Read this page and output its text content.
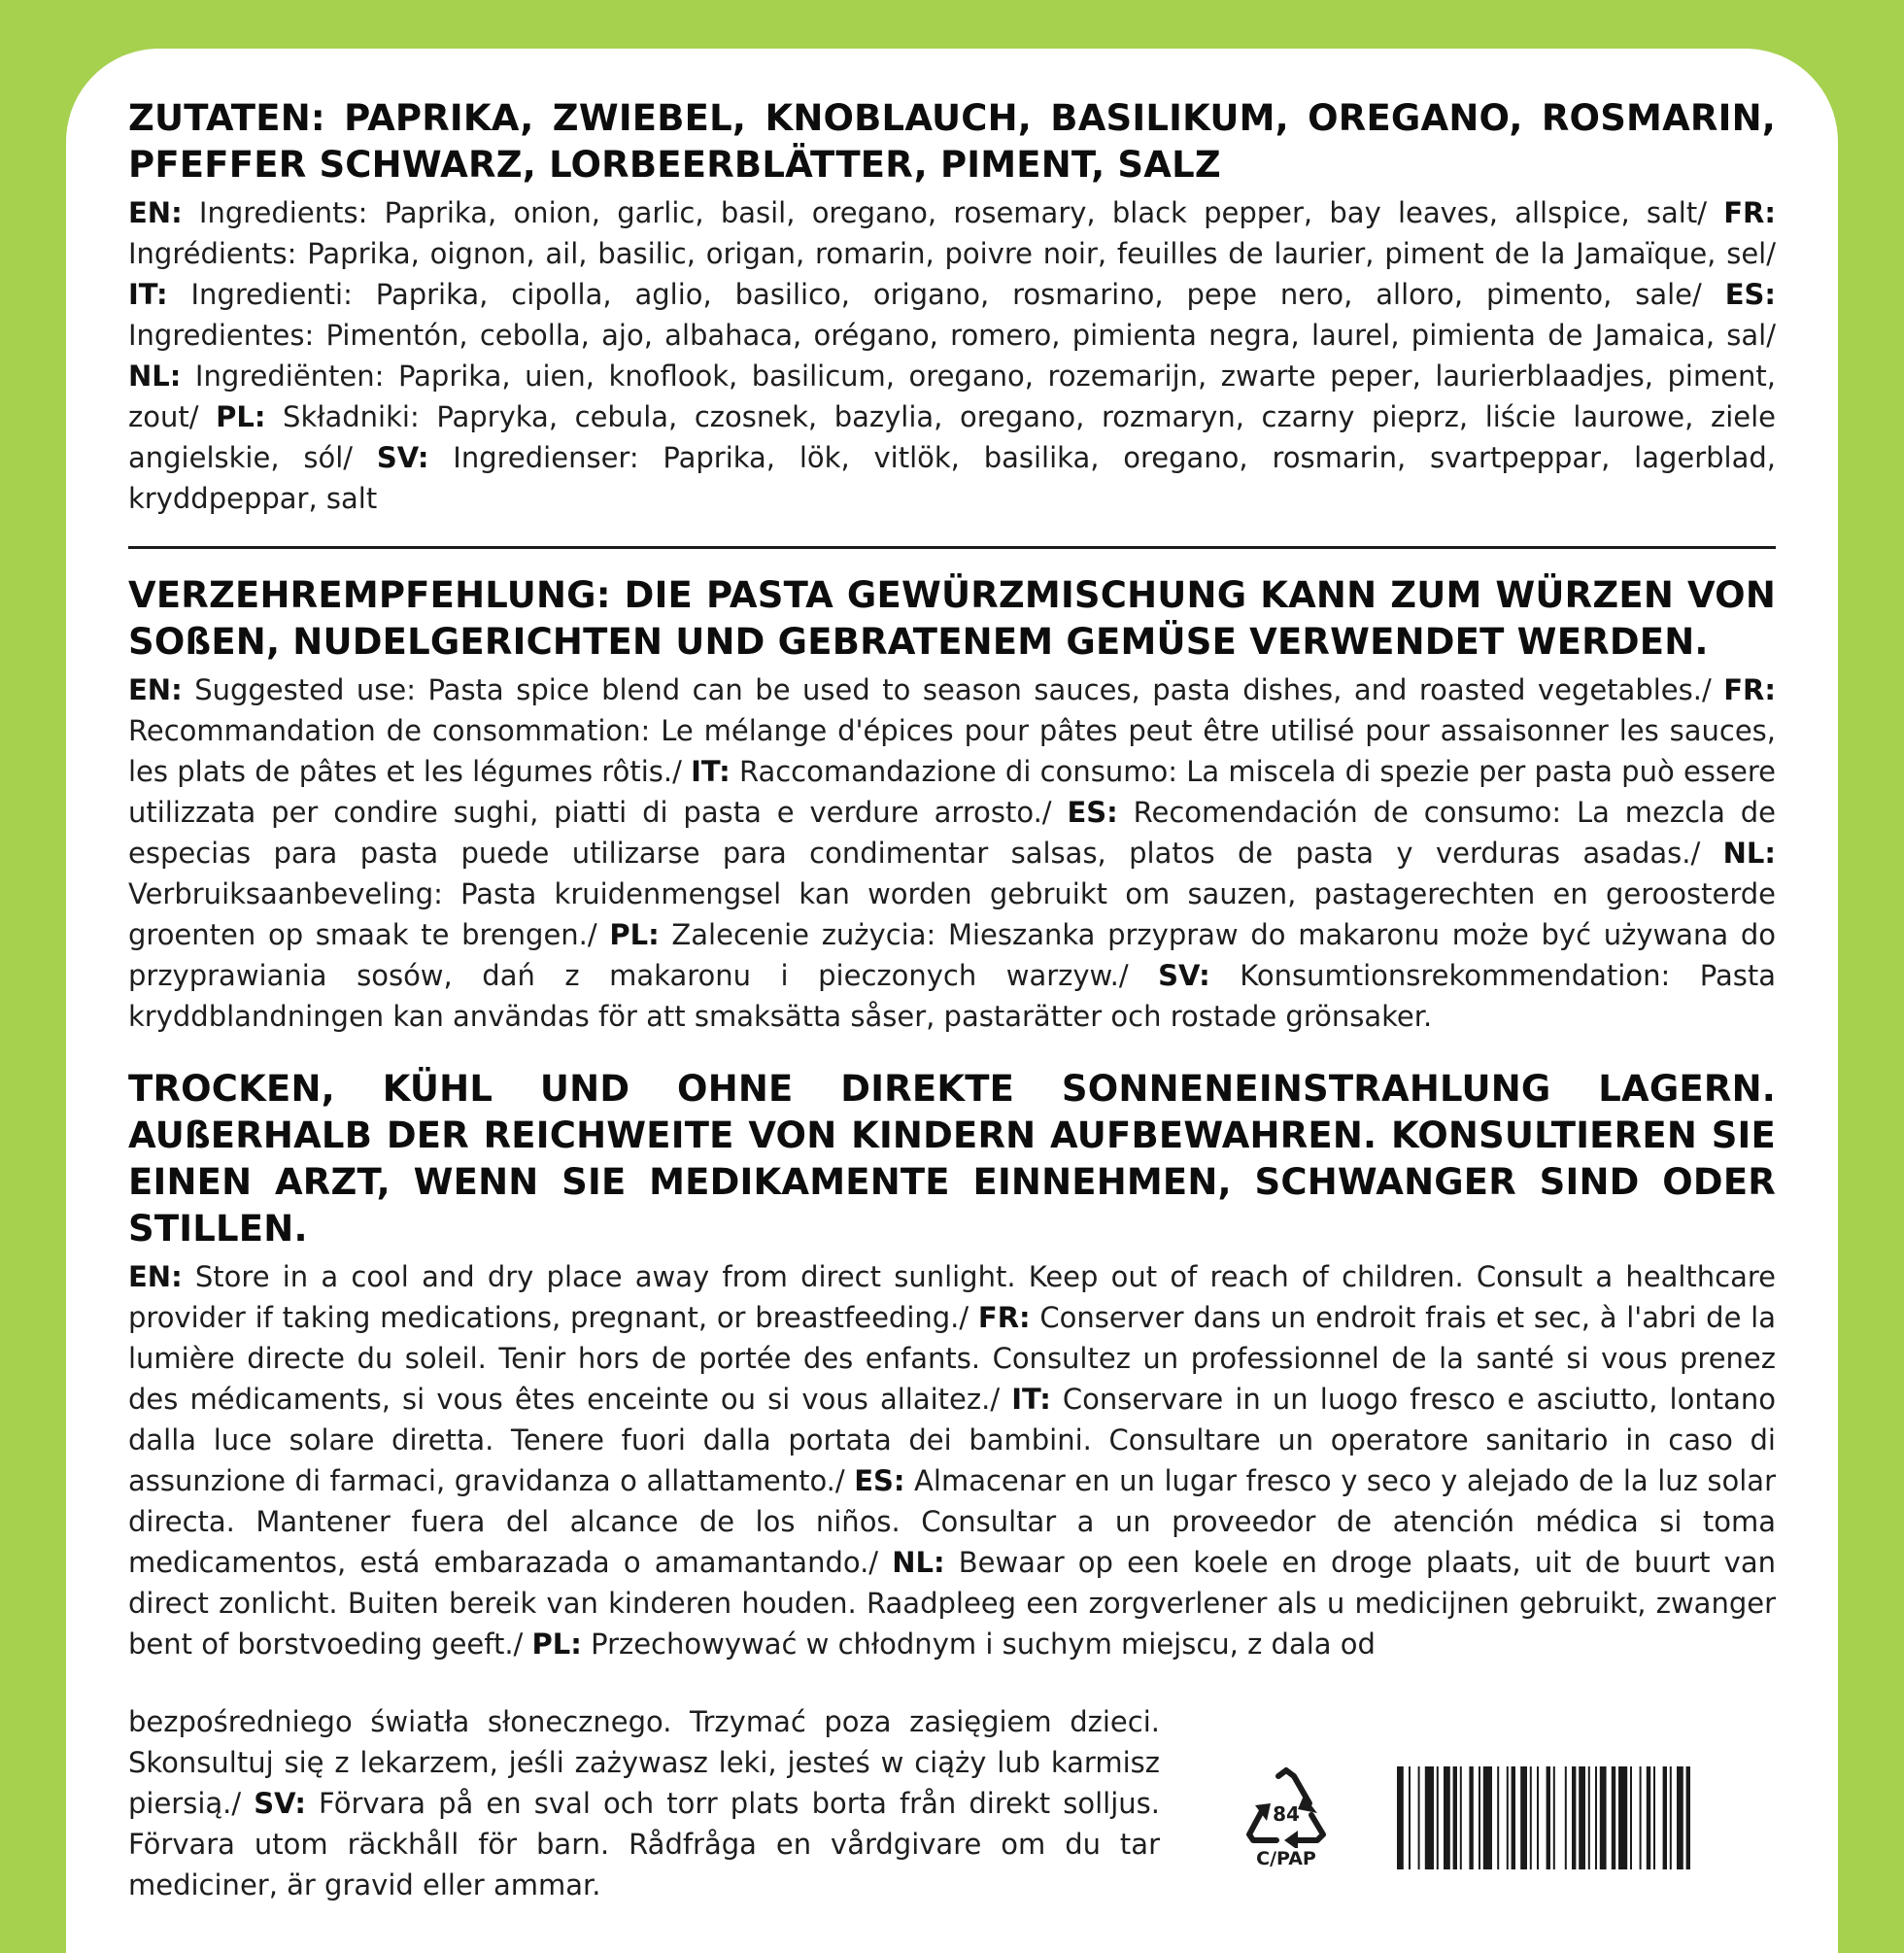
ZUTATEN: PAPRIKA, ZWIEBEL, KNOBLAUCH, BASILIKUM, OREGANO, ROSMARIN, PFEFFER SCHWARZ, LORBEERBLÄTTER, PIMENT, SALZ

EN: Ingredients: Paprika, onion, garlic, basil, oregano, rosemary, black pepper, bay leaves, allspice, salt/ FR: Ingrédients: Paprika, oignon, ail, basilic, origan, romarin, poivre noir, feuilles de laurier, piment de la Jamaïque, sel/ IT: Ingredienti: Paprika, cipolla, aglio, basilico, origano, rosmarino, pepe nero, alloro, pimento, sale/ ES: Ingredientes: Pimentón, cebolla, ajo, albahaca, orégano, romero, pimienta negra, laurel, pimienta de Jamaica, sal/ NL: Ingrediënten: Paprika, uien, knoflook, basilicum, oregano, rozemarijn, zwarte peper, laurierblaadjes, piment, zout/ PL: Składniki: Papryka, cebula, czosnek, bazylia, oregano, rozmaryn, czarny pieprz, liście laurowe, ziele angielskie, sól/ SV: Ingredienser: Paprika, lök, vitlök, basilika, oregano, rosmarin, svartpeppar, lagerblad, kryddpeppar, salt

VERZEHREMPFEHLUNG: DIE PASTA GEWÜRZMISCHUNG KANN ZUM WÜRZEN VON SOßEN, NUDELGERICHTEN UND GEBRATENEM GEMÜSE VERWENDET WERDEN.

EN: Suggested use: Pasta spice blend can be used to season sauces, pasta dishes, and roasted vegetables./ FR: Recommandation de consommation: Le mélange d'épices pour pâtes peut être utilisé pour assaisonner les sauces, les plats de pâtes et les légumes rôtis./ IT: Raccomandazione di consumo: La miscela di spezie per pasta può essere utilizzata per condire sughi, piatti di pasta e verdure arrosto./ ES: Recomendación de consumo: La mezcla de especias para pasta puede utilizarse para condimentar salsas, platos de pasta y verduras asadas./ NL: Verbruiksaanbeveling: Pasta kruidenmengsel kan worden gebruikt om sauzen, pastagerechten en geroosterde groenten op smaak te brengen./ PL: Zalecenie zużycia: Mieszanka przypraw do makaronu może być używana do przyprawiania sosów, dań z makaronu i pieczonych warzyw./ SV: Konsumtionsrekommendation: Pasta kryddblandningen kan användas för att smaksätta såser, pastarätter och rostade grönsaker.

TROCKEN, KÜHL UND OHNE DIREKTE SONNENEINSTRAHLUNG LAGERN. AUßERHALB DER REICHWEITE VON KINDERN AUFBEWAHREN. KONSULTIEREN SIE EINEN ARZT, WENN SIE MEDIKAMENTE EINNEHMEN, SCHWANGER SIND ODER STILLEN.

EN: Store in a cool and dry place away from direct sunlight. Keep out of reach of children. Consult a healthcare provider if taking medications, pregnant, or breastfeeding./ FR: Conserver dans un endroit frais et sec, à l'abri de la lumière directe du soleil. Tenir hors de portée des enfants. Consultez un professionnel de la santé si vous prenez des médicaments, si vous êtes enceinte ou si vous allaitez./ IT: Conservare in un luogo fresco e asciutto, lontano dalla luce solare diretta. Tenere fuori dalla portata dei bambini. Consultare un operatore sanitario in caso di assunzione di farmaci, gravidanza o allattamento./ ES: Almacenar en un lugar fresco y seco y alejado de la luz solar directa. Mantener fuera del alcance de los niños. Consultar a un proveedor de atención médica si toma medicamentos, está embarazada o amamantando./ NL: Bewaar op een koele en droge plaats, uit de buurt van direct zonlicht. Buiten bereik van kinderen houden. Raadpleeg een zorgverlener als u medicijnen gebruikt, zwanger bent of borstvoeding geeft./ PL: Przechowywać w chłodnym i suchym miejscu, z dala od

bezpośredniego światła słonecznego. Trzymać poza zasięgiem dzieci. Skonsultuj się z lekarzem, jeśli zażywasz leki, jesteś w ciąży lub karmisz piersią./ SV: Förvara på en sval och torr plats borta från direkt solljus. Förvara utom räckhåll för barn. Rådfråga en vårdgivare om du tar mediciner, är gravid eller ammar.

84
C/PAP
